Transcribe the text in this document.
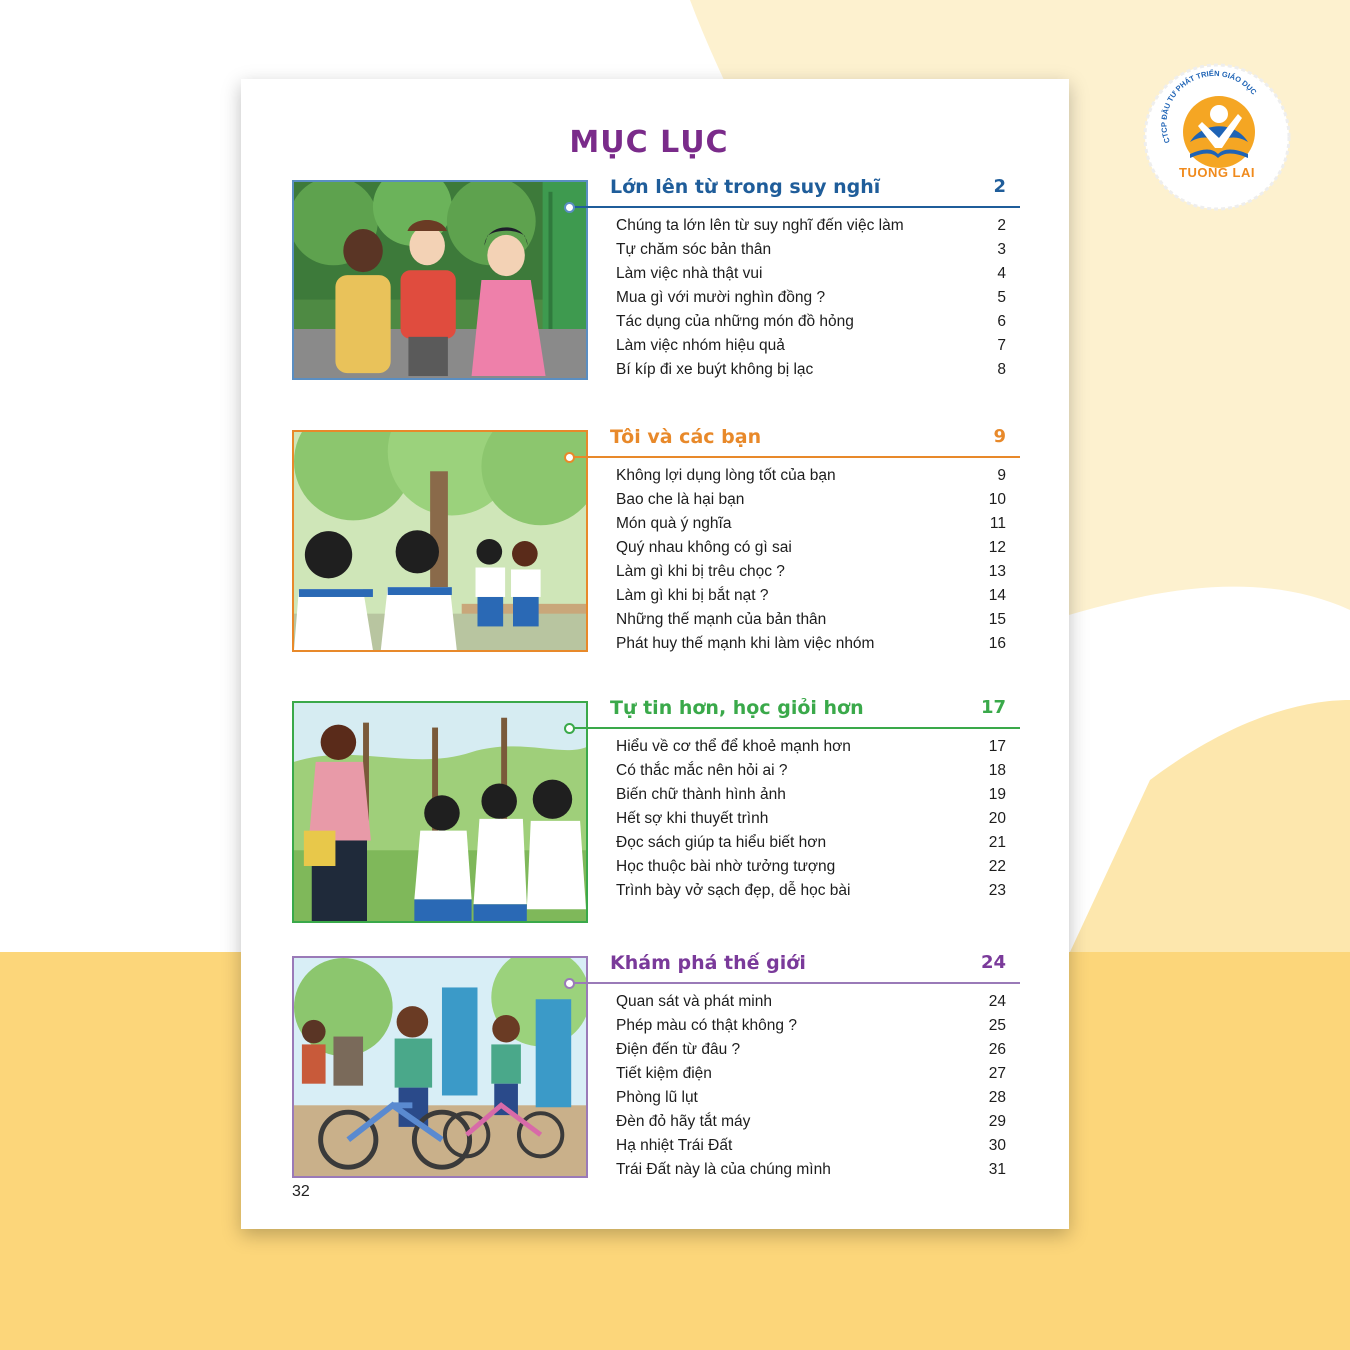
CTCP ĐẦU TƯ PHÁT TRIỂN GIÁO DỤC
TUONG LAI
MỤC LỤC
Lớn lên từ trong suy nghĩ	2
Chúng ta lớn lên từ suy nghĩ đến việc làm	2
Tự chăm sóc bản thân	3
Làm việc nhà thật vui	4
Mua gì với mười nghìn đồng ?	5
Tác dụng của những món đồ hỏng	6
Làm việc nhóm hiệu quả	7
Bí kíp đi xe buýt không bị lạc	8
Tôi và các bạn	9
Không lợi dụng lòng tốt của bạn	9
Bao che là hại bạn	10
Món quà ý nghĩa	11
Quý nhau không có gì sai	12
Làm gì khi bị trêu chọc ?	13
Làm gì khi bị bắt nạt ?	14
Những thế mạnh của bản thân	15
Phát huy thế mạnh khi làm việc nhóm	16
Tự tin hơn, học giỏi hơn	17
Hiểu về cơ thể để khoẻ mạnh hơn	17
Có thắc mắc nên hỏi ai ?	18
Biến chữ thành hình ảnh	19
Hết sợ khi thuyết trình	20
Đọc sách giúp ta hiểu biết hơn	21
Học thuộc bài nhờ tưởng tượng	22
Trình bày vở sạch đẹp, dễ học bài	23
Khám phá thế giới	24
Quan sát và phát minh	24
Phép màu có thật không ?	25
Điện đến từ đâu ?	26
Tiết kiệm điện	27
Phòng lũ lụt	28
Đèn đỏ hãy tắt máy	29
Hạ nhiệt Trái Đất	30
Trái Đất này là của chúng mình	31
32
